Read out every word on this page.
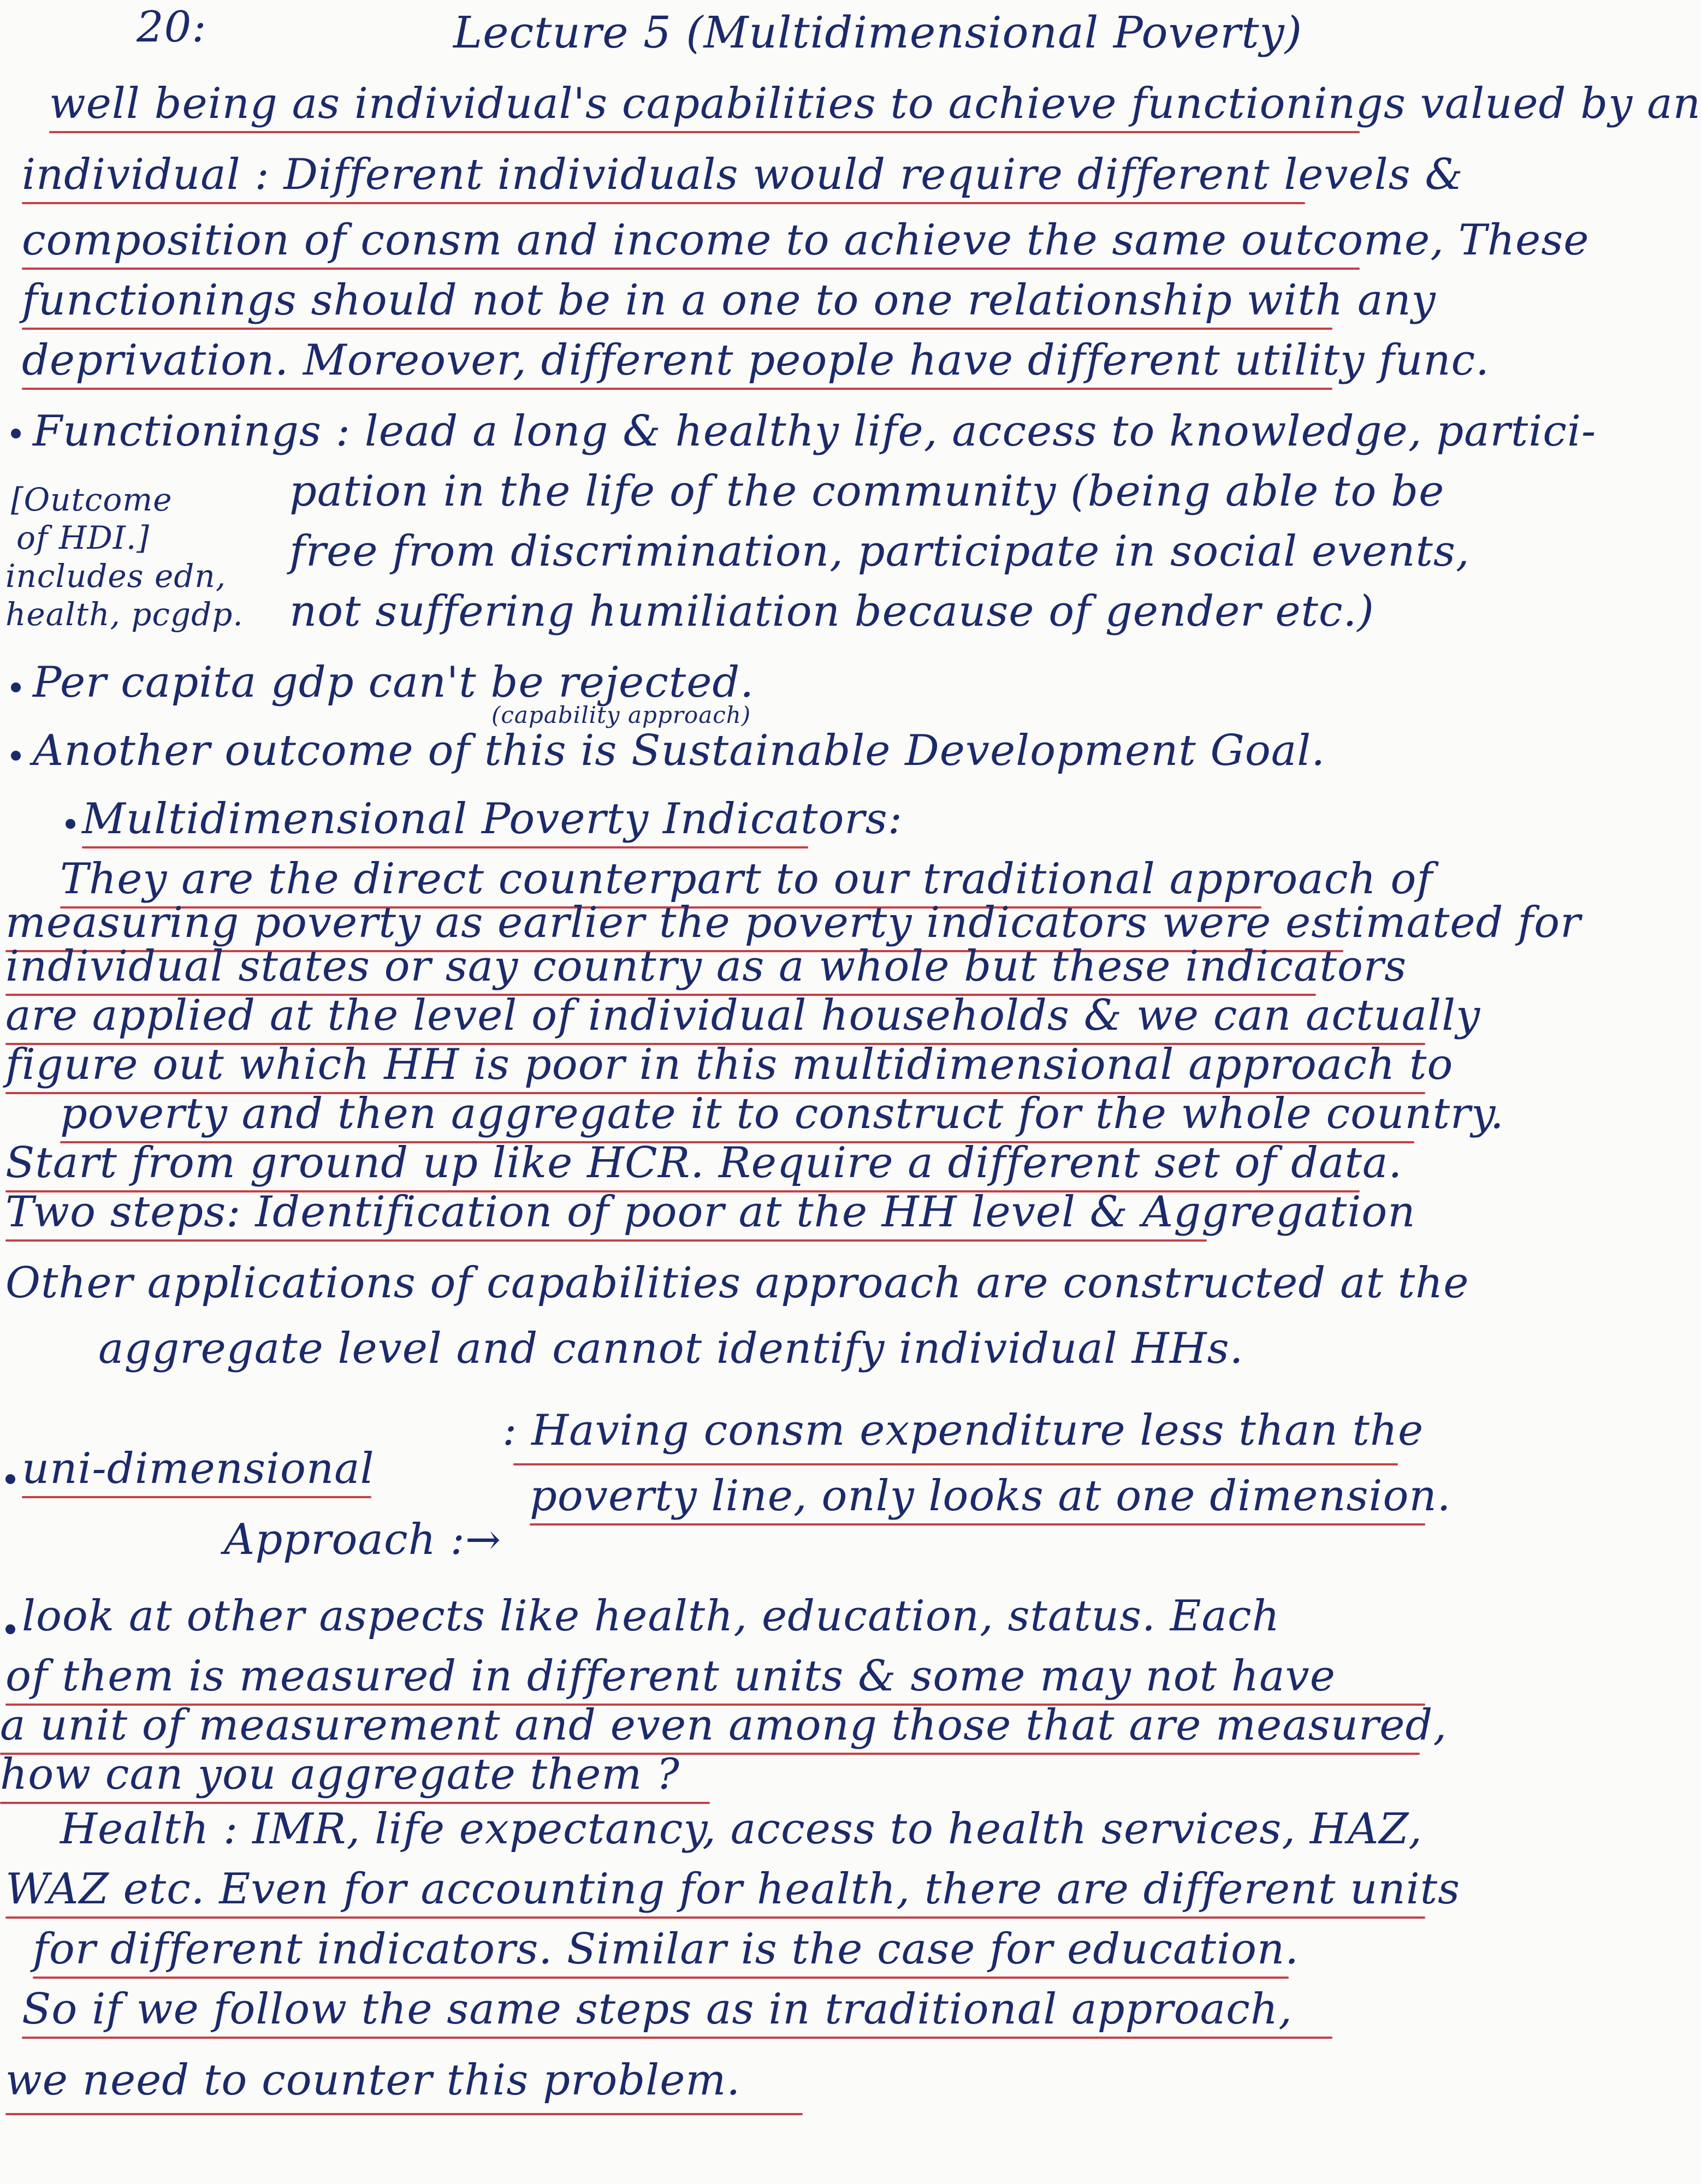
20:	Lecture 5 (Multidimensional Poverty)
well being as individual's capabilities to achieve functionings valued by an
individual : Different individuals would require different levels &
composition of consm and income to achieve the same outcome, These
functionings should not be in a one to one relationship with any
deprivation. Moreover, different people have different utility func.
Functionings : lead a long & healthy life, access to knowledge, partici-
[Outcome
of HDI.]
includes edn,
health, pcgdp.
pation in the life of the community (being able to be
free from discrimination, participate in social events,
not suffering humiliation because of gender etc.)
Per capita gdp can't be rejected.
(capability approach)
Another outcome of this is Sustainable Development Goal.
Multidimensional Poverty Indicators:
They are the direct counterpart to our traditional approach of
measuring poverty as earlier the poverty indicators were estimated for
individual states or say country as a whole but these indicators
are applied at the level of individual households & we can actually
figure out which HH is poor in this multidimensional approach to
poverty and then aggregate it to construct for the whole country.
Start from ground up like HCR. Require a different set of data.
Two steps: Identification of poor at the HH level & Aggregation
Other applications of capabilities approach are constructed at the
aggregate level and cannot identify individual HHs.
uni-dimensional
Approach :→
: Having consm expenditure less than the
poverty line, only looks at one dimension.
look at other aspects like health, education, status. Each
of them is measured in different units & some may not have
a unit of measurement and even among those that are measured,
how can you aggregate them ?
Health : IMR, life expectancy, access to health services, HAZ,
WAZ etc. Even for accounting for health, there are different units
for different indicators. Similar is the case for education.
So if we follow the same steps as in traditional approach,
we need to counter this problem.
